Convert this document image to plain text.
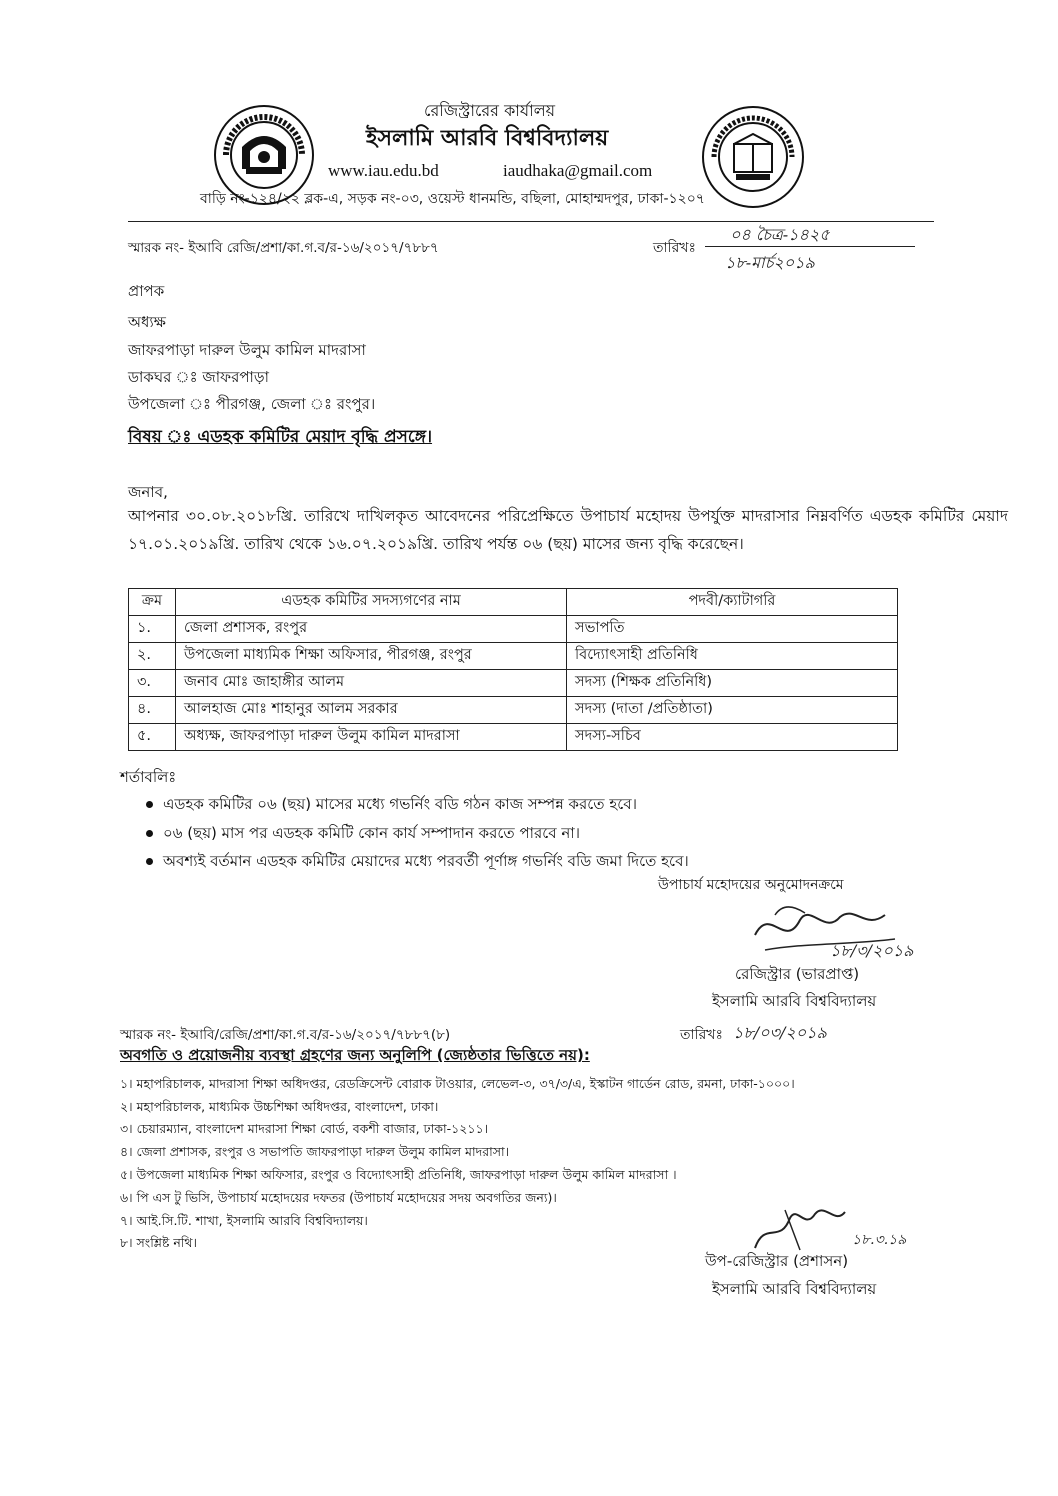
রেজিস্ট্রারের কার্যালয়
ইসলামি আরবি বিশ্ববিদ্যালয়
www.iau.edu.bd	iaudhaka@gmail.com
বাড়ি নং-১২৪/২২ ব্লক-এ, সড়ক নং-০৩, ওয়েস্ট ধানমন্ডি, বছিলা, মোহাম্মদপুর, ঢাকা-১২০৭
স্মারক নং- ইআবি রেজি/প্রশা/কা.গ.ব/র-১৬/২০১৭/৭৮৮৭	তারিখঃ
০৪ চৈত্র-১৪২৫
১৮-মার্চ২০১৯
প্রাপক
অধ্যক্ষ
জাফরপাড়া দারুল উলুম কামিল মাদরাসা
ডাকঘর ঃ জাফরপাড়া
উপজেলা ঃ পীরগঞ্জ, জেলা ঃ রংপুর।
বিষয় ঃ এডহক কমিটির মেয়াদ বৃদ্ধি প্রসঙ্গে।
জনাব,
আপনার ৩০.০৮.২০১৮খ্রি. তারিখে দাখিলকৃত আবেদনের পরিপ্রেক্ষিতে উপাচার্য মহোদয় উপর্যুক্ত মাদরাসার নিম্নবর্ণিত এডহক কমিটির মেয়াদ ১৭.০১.২০১৯খ্রি. তারিখ থেকে ১৬.০৭.২০১৯খ্রি. তারিখ পর্যন্ত ০৬ (ছয়) মাসের জন্য বৃদ্ধি করেছেন।
ক্রম	এডহক কমিটির সদস্যগণের নাম	পদবী/ক্যাটাগরি
১.	জেলা প্রশাসক, রংপুর	সভাপতি
২.	উপজেলা মাধ্যমিক শিক্ষা অফিসার, পীরগঞ্জ, রংপুর	বিদ্যোৎসাহী প্রতিনিধি
৩.	জনাব মোঃ জাহাঙ্গীর আলম	সদস্য (শিক্ষক প্রতিনিধি)
৪.	আলহাজ মোঃ শাহানুর আলম সরকার	সদস্য (দাতা /প্রতিষ্ঠাতা)
৫.	অধ্যক্ষ, জাফরপাড়া দারুল উলুম কামিল মাদরাসা	সদস্য-সচিব
শর্তাবলিঃ
এডহক কমিটির ০৬ (ছয়) মাসের মধ্যে গভর্নিং বডি গঠন কাজ সম্পন্ন করতে হবে।
০৬ (ছয়) মাস পর এডহক কমিটি কোন কার্য সম্পাদান করতে পারবে না।
অবশ্যই বর্তমান এডহক কমিটির মেয়াদের মধ্যে পরবর্তী পূর্ণাঙ্গ গভর্নিং বডি জমা দিতে হবে।
উপাচার্য মহোদয়ের অনুমোদনক্রমে
১৮/৩/২০১৯
রেজিস্ট্রার (ভারপ্রাপ্ত)
ইসলামি আরবি বিশ্ববিদ্যালয়
স্মারক নং- ইআবি/রেজি/প্রশা/কা.গ.ব/র-১৬/২০১৭/৭৮৮৭(৮)	তারিখঃ ১৮/০৩/২০১৯
অবগতি ও প্রয়োজনীয় ব্যবস্থা গ্রহণের জন্য অনুলিপি (জ্যেষ্ঠতার ভিত্তিতে নয়):
১। মহাপরিচালক, মাদরাসা শিক্ষা অধিদপ্তর, রেডক্রিসেন্ট বোরাক টাওয়ার, লেভেল-৩, ৩৭/৩/এ, ইস্কাটন গার্ডেন রোড, রমনা, ঢাকা-১০০০।
২। মহাপরিচালক, মাধ্যমিক উচ্চশিক্ষা অধিদপ্তর, বাংলাদেশ, ঢাকা।
৩। চেয়ারম্যান, বাংলাদেশ মাদরাসা শিক্ষা বোর্ড, বকশী বাজার, ঢাকা-১২১১।
৪। জেলা প্রশাসক, রংপুর ও সভাপতি জাফরপাড়া দারুল উলুম কামিল মাদরাসা।
৫। উপজেলা মাধ্যমিক শিক্ষা অফিসার, রংপুর ও বিদ্যোৎসাহী প্রতিনিধি, জাফরপাড়া দারুল উলুম কামিল মাদরাসা ।
৬। পি এস টু ভিসি, উপাচার্য মহোদয়ের দফতর (উপাচার্য মহোদয়ের সদয় অবগতির জন্য)।
৭। আই.সি.টি. শাখা, ইসলামি আরবি বিশ্ববিদ্যালয়।
৮। সংশ্লিষ্ট নথি।	১৮.৩.১৯
উপ-রেজিস্ট্রার (প্রশাসন)
ইসলামি আরবি বিশ্ববিদ্যালয়
